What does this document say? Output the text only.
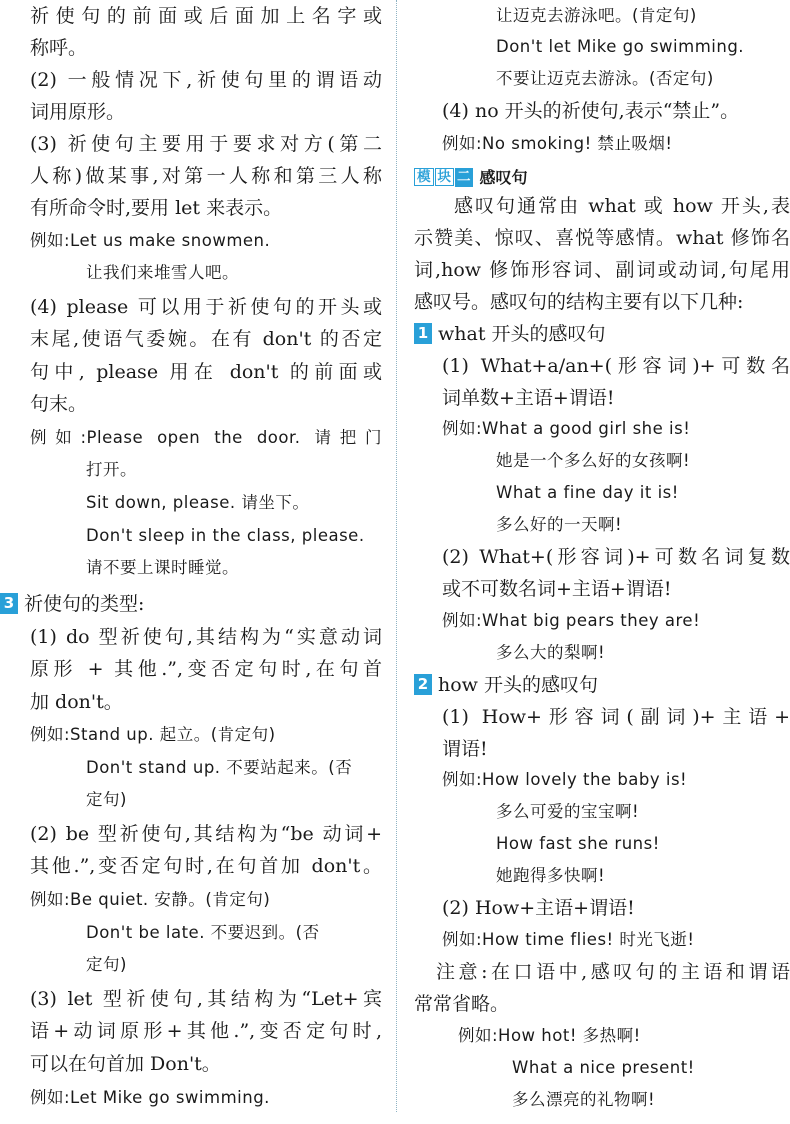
祈使句的前面或后面加上名字或
称呼。
(2) 一般情况下,祈使句里的谓语动
词用原形。
(3) 祈使句主要用于要求对方(第二
人称)做某事,对第一人称和第三人称
有所命令时,要用 let 来表示。
例如:Let us make snowmen.
让我们来堆雪人吧。
(4) please 可以用于祈使句的开头或
末尾,使语气委婉。在有 don't 的否定
句中, please 用在 don't 的前面或
句末。
例如:Please open the door. 请把门
打开。
Sit down, please. 请坐下。
Don't sleep in the class, please.
请不要上课时睡觉。
3 祈使句的类型:
(1) do 型祈使句,其结构为“实意动词
原形 + 其他.”,变否定句时,在句首
加 don't。
例如:Stand up. 起立。(肯定句)
Don't stand up. 不要站起来。(否
定句)
(2) be 型祈使句,其结构为“be 动词+
其他.”,变否定句时,在句首加 don't。
例如:Be quiet. 安静。(肯定句)
Don't be late. 不要迟到。(否
定句)
(3) let 型祈使句,其结构为“Let+宾
语+动词原形+其他.”,变否定句时,
可以在句首加 Don't。
例如:Let Mike go swimming.
让迈克去游泳吧。(肯定句)
Don't let Mike go swimming.
不要让迈克去游泳。(否定句)
(4) no 开头的祈使句,表示“禁止”。
例如:No smoking! 禁止吸烟!
模 块 二 感叹句
感叹句通常由 what 或 how 开头,表
示赞美、惊叹、喜悦等感情。what 修饰名
词,how 修饰形容词、副词或动词,句尾用
感叹号。感叹句的结构主要有以下几种:
1 what 开头的感叹句
(1) What+a/an+(形容词)+可数名
词单数+主语+谓语!
例如:What a good girl she is!
她是一个多么好的女孩啊!
What a fine day it is!
多么好的一天啊!
(2) What+(形容词)+可数名词复数
或不可数名词+主语+谓语!
例如:What big pears they are!
多么大的梨啊!
2 how 开头的感叹句
(1) How+形容词(副词)+主语+
谓语!
例如:How lovely the baby is!
多么可爱的宝宝啊!
How fast she runs!
她跑得多快啊!
(2) How+主语+谓语!
例如:How time flies! 时光飞逝!
注意:在口语中,感叹句的主语和谓语
常常省略。
例如:How hot! 多热啊!
What a nice present!
多么漂亮的礼物啊!
